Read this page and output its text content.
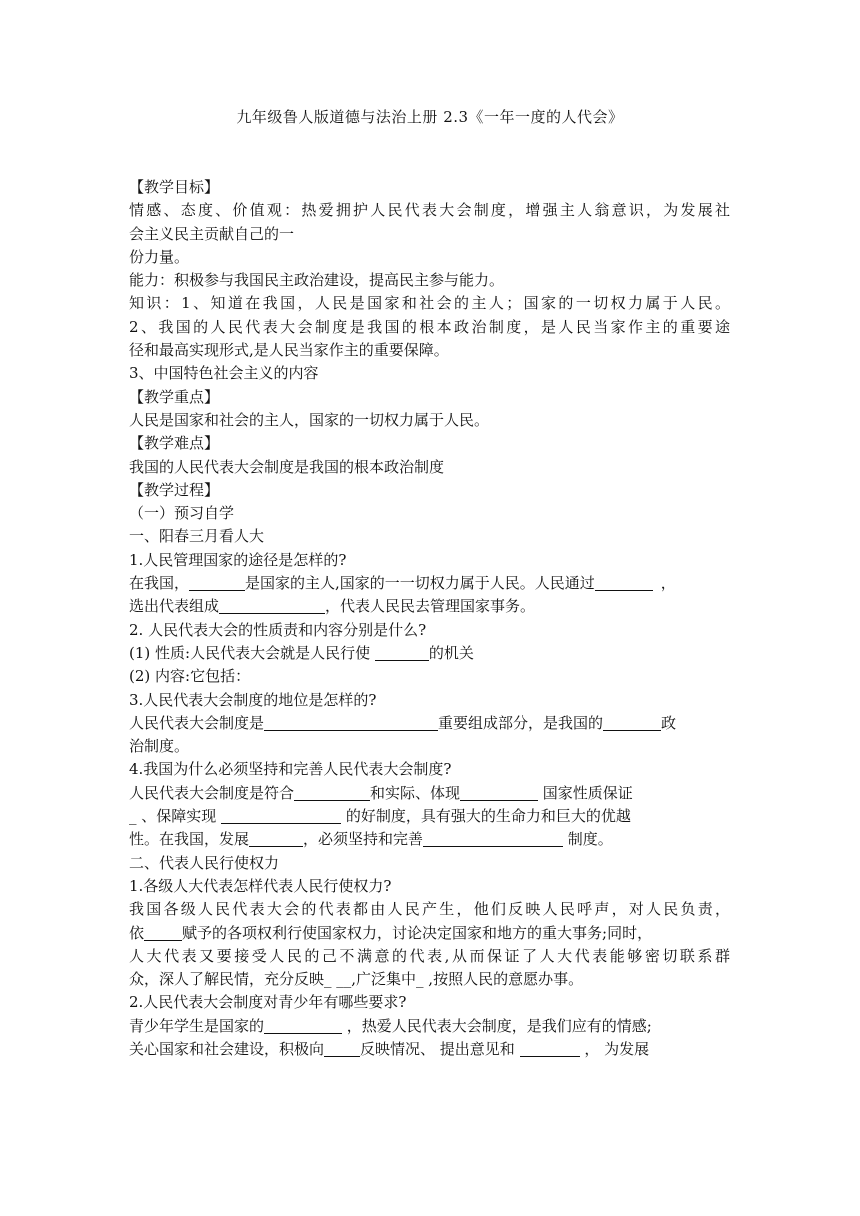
九年级鲁人版道德与法治上册 2.3《一年一度的人代会》
【教学目标】
情感、态度、价值观：热爱拥护人民代表大会制度，增强主人翁意识，为发展社
会主义民主贡献自己的一
份力量。
能力：积极参与我国民主政治建设，提高民主参与能力。
知识：1、知道在我国，人民是国家和社会的主人；国家的一切权力属于人民。
2、我国的人民代表大会制度是我国的根本政治制度，是人民当家作主的重要途
径和最高实现形式,是人民当家作主的重要保障。
3、中国特色社会主义的内容
【教学重点】
人民是国家和社会的主人，国家的一切权力属于人民。
【教学难点】
我国的人民代表大会制度是我国的根本政治制度
【教学过程】
（一）预习自学
一、阳春三月看人大
1.人民管理国家的途径是怎样的?
在我国，	是国家的主人,国家的一一切权力属于人民。人民通过	，
选出代表组成	，代表人民民去管理国家事务。
2. 人民代表大会的性质责和内容分别是什么?
(1) 性质:人民代表大会就是人民行使	的机关
(2) 内容:它包括：
3.人民代表大会制度的地位是怎样的?
人民代表大会制度是	重要组成部分，是我国的	政
治制度。
4.我国为什么必须坚持和完善人民代表大会制度?
人民代表大会制度是符合	和实际、体现	国家性质保证
_ 、保障实现	的好制度，具有强大的生命力和巨大的优越
性。在我国，发展	，必须坚持和完善	制度。
二、代表人民行使权力
1.各级人大代表怎样代表人民行使权力?
我国各级人民代表大会的代表都由人民产生，他们反映人民呼声，对人民负责，
依	赋予的各项权利行使国家权力，讨论决定国家和地方的重大事务;同时，
人大代表又要接受人民的己不满意的代表,从而保证了人大代表能够密切联系群
众，深人了解民情，充分反映_ __,广泛集中_ ,按照人民的意愿办事。
2.人民代表大会制度对青少年有哪些要求?
青少年学生是国家的	，热爱人民代表大会制度，是我们应有的情感;
关心国家和社会建设，积极向 反映情况、 提出意见和	， 为发展
